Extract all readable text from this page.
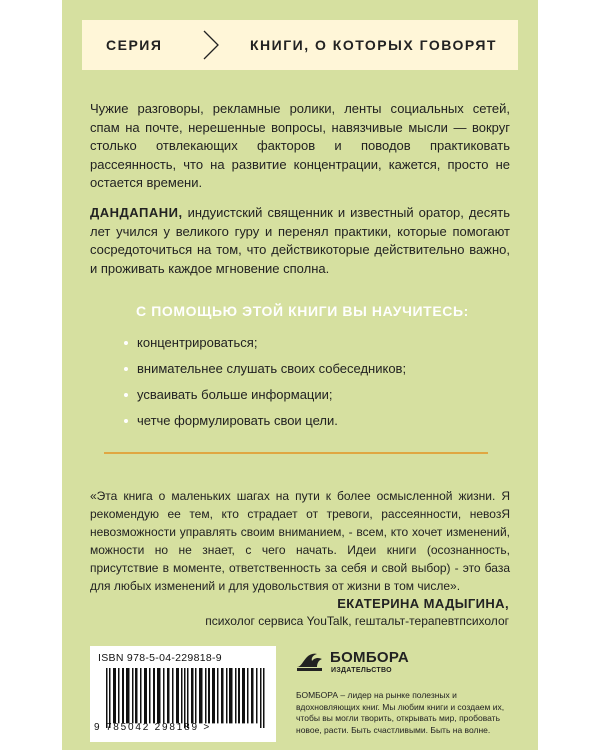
СЕРИЯ	КНИГИ, О КОТОРЫХ ГОВОРЯТ
Чужие разговоры, рекламные ролики, ленты социальных сетей, спам на почте, нерешенные вопросы, навязчивые мысли — вокруг столько отвлекающих факторов и поводов практиковать рассеянность, что на развитие концентрации, кажется, просто не остается времени.
ДАНДАПАНИ, индуистский священник и известный оратор, десять лет учился у великого гуру и перенял практики, которые помогают сосредоточиться на том, что действикоторые действительно важно, и проживать каждое мгновение сполна.
С ПОМОЩЬЮ ЭТОЙ КНИГИ ВЫ НАУЧИТЕСЬ:
концентрироваться;
внимательнее слушать своих собеседников;
усваивать больше информации;
четче формулировать свои цели.
«Эта книга о маленьких шагах на пути к более осмысленной жизни. Я рекомендую ее тем, кто страдает от тревоги, рассеянности, невозЯ невозможности управлять своим вниманием, - всем, кто хочет изменений, можности но не знает, с чего начать. Идеи книги (осознанность, присутствие в моменте, ответственность за себя и свой выбор) - это база для любых изменений и для удовольствия от жизни в том числе».
ЕКАТЕРИНА МАДЫГИНА,
психолог сервиса YouTalk, гештальт-терапевтпсихолог
ISBN 978-5-04-229818-9
9 785042 298189 >
БОМБОРА
ИЗДАТЕЛЬСТВО
БОМБОРА – лидер на рынке полезных и вдохновляющих книг. Мы любим книги и создаем их, чтобы вы могли творить, открывать мир, пробовать новое, расти. Быть счастливыми. Быть на волне.
